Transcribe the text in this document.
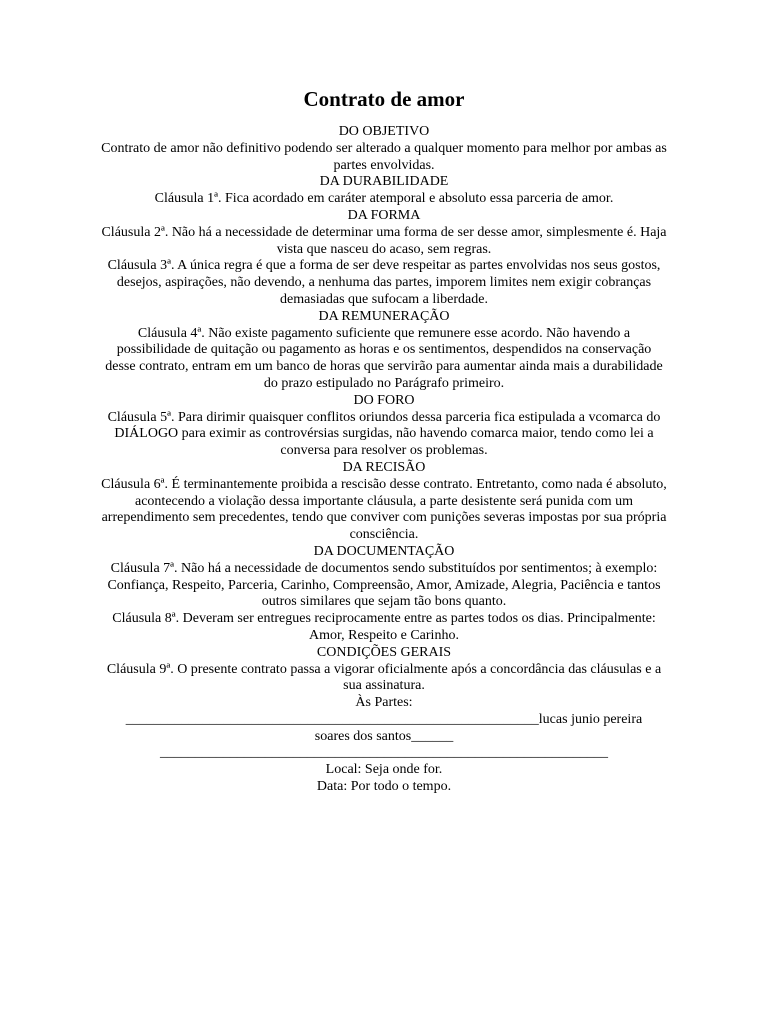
Contrato de amor
DO OBJETIVO
Contrato de amor não definitivo podendo ser alterado a qualquer momento para melhor por ambas as partes envolvidas.
DA DURABILIDADE
Cláusula 1ª. Fica acordado em caráter atemporal e absoluto essa parceria de amor.
DA FORMA
Cláusula 2ª. Não há a necessidade de determinar uma forma de ser desse amor, simplesmente é. Haja vista que nasceu do acaso, sem regras.
Cláusula 3ª. A única regra é que a forma de ser deve respeitar as partes envolvidas nos seus gostos, desejos, aspirações, não devendo, a nenhuma das partes, imporem limites nem exigir cobranças demasiadas que sufocam a liberdade.
DA REMUNERAÇÃO
Cláusula 4ª. Não existe pagamento suficiente que remunere esse acordo. Não havendo a possibilidade de quitação ou pagamento as horas e os sentimentos, despendidos na conservação desse contrato, entram em um banco de horas que servirão para aumentar ainda mais a durabilidade do prazo estipulado no Parágrafo primeiro.
DO FORO
Cláusula 5ª. Para dirimir quaisquer conflitos oriundos dessa parceria fica estipulada a vcomarca do DIÁLOGO para eximir as controvérsias surgidas, não havendo comarca maior, tendo como lei a conversa para resolver os problemas.
DA RECISÃO
Cláusula 6ª. É terminantemente proibida a rescisão desse contrato. Entretanto, como nada é absoluto, acontecendo a violação dessa importante cláusula, a parte desistente será punida com um arrependimento sem precedentes, tendo que conviver com punições severas impostas por sua própria consciência.
DA DOCUMENTAÇÃO
Cláusula 7ª. Não há a necessidade de documentos sendo substituídos por sentimentos; à exemplo: Confiança, Respeito, Parceria, Carinho, Compreensão, Amor, Amizade, Alegria, Paciência e tantos outros similares que sejam tão bons quanto.
Cláusula 8ª. Deveram ser entregues reciprocamente entre as partes todos os dias. Principalmente: Amor, Respeito e Carinho.
CONDIÇÕES GERAIS
Cláusula 9ª. O presente contrato passa a vigorar oficialmente após a concordância das cláusulas e a sua assinatura.
Às Partes:
___________________________________________________________lucas junio pereira
soares dos santos______
________________________________________________________________
Local: Seja onde for.
Data: Por todo o tempo.
